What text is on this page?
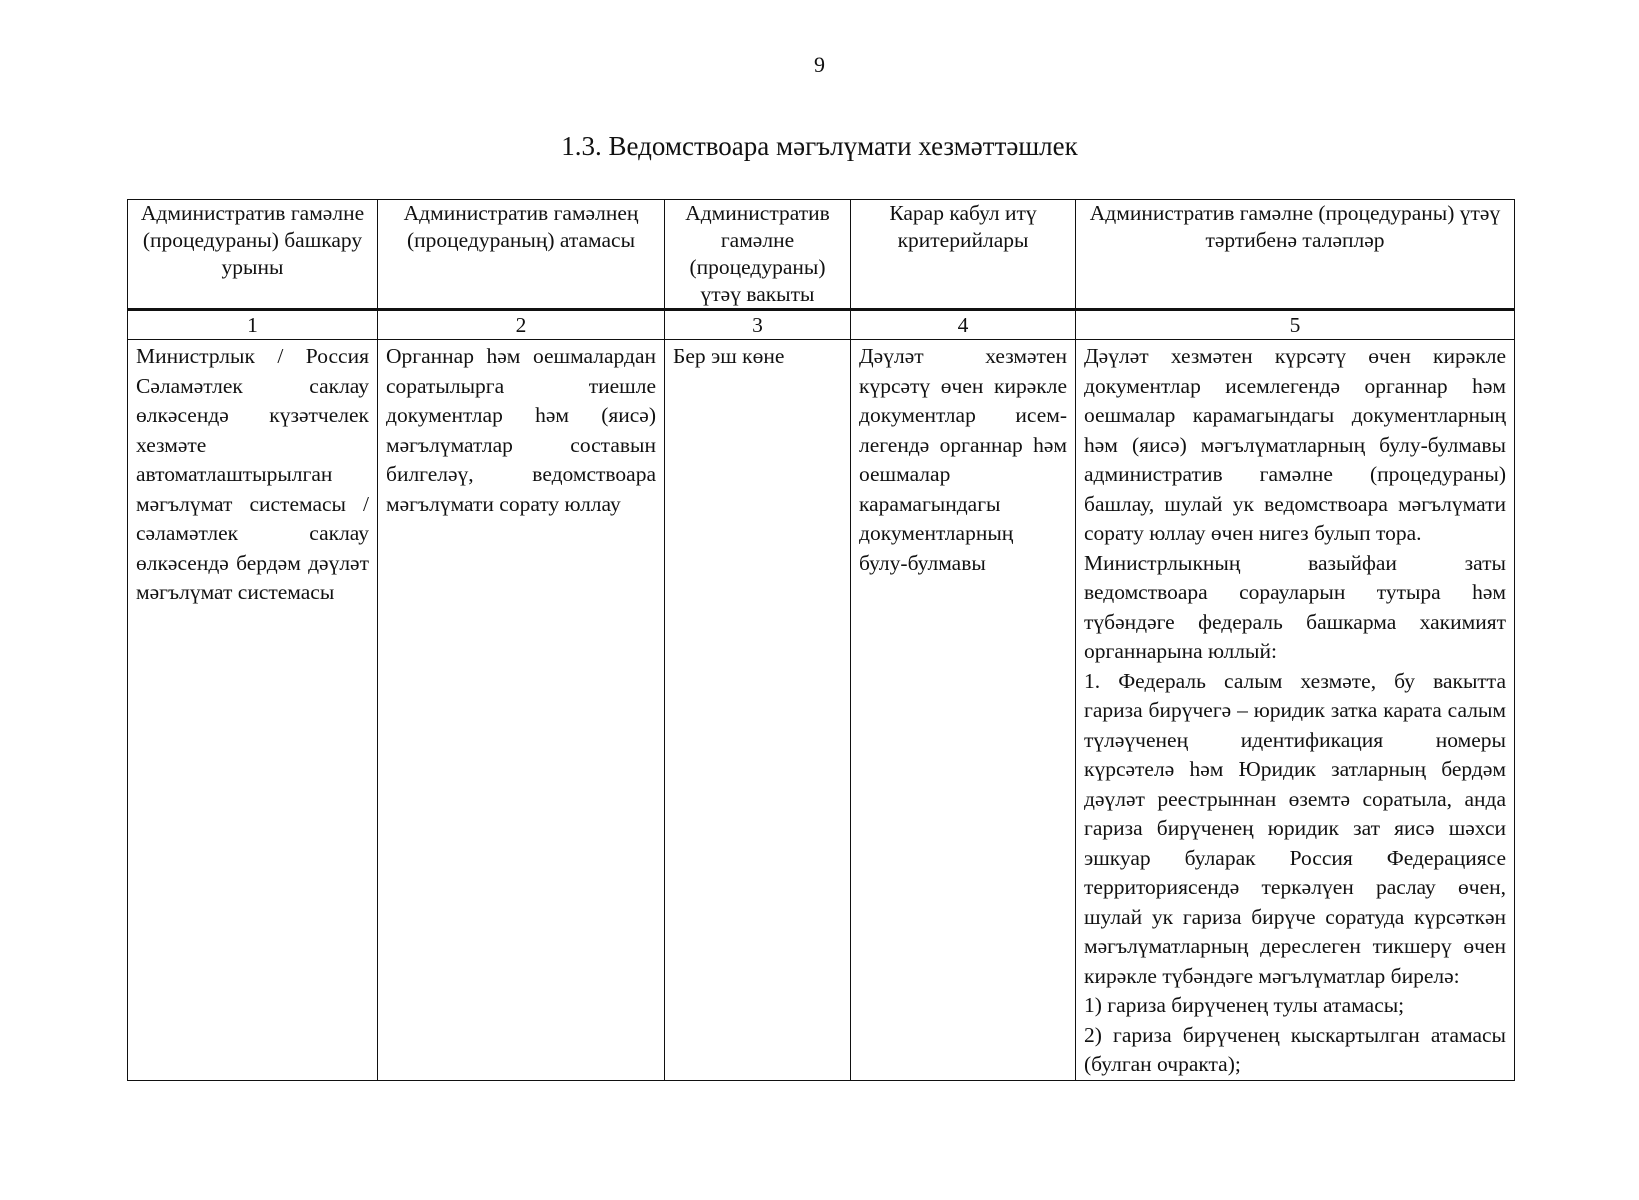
9
1.3. Ведомствоара мәгълүмати хезмәттәшлек
Административ гамәлне (процедураны) башкару урыны	Административ гамәлнең (процедураның) атамасы	Административ гамәлне (процедураны) үтәү вакыты	Карар кабул итү критерийлары	Административ гамәлне (процедураны) үтәү тәртибенә таләпләр
1	2	3	4	5
Министрлык / Россия Сәламәтлек саклау өлкәсендә күзәтчелек хезмәте автоматлаштырылган мәгълүмат системасы / сәламәтлек саклау өлкәсендә бердәм дәүләт мәгълүмат системасы	Органнар һәм оешмалардан соратылырга тиешле документлар һәм (яисә) мәгълүматлар составын билгеләү, ведомствоара мәгълүмати сорату юллау	Бер эш көне	Дәүләт хезмәтен күрсәтү өчен кирәкле документлар исем-легендә органнар һәм оешмалар карамагындагы документларның булу-булмавы	Дәүләт хезмәтен күрсәтү өчен кирәкле документлар исемлегендә органнар һәм оешмалар карамагындагы документларның һәм (яисә) мәгълүматларның булу-булмавы административ гамәлне (процедураны) башлау, шулай ук ведомствоара мәгълүмати сорату юллау өчен нигез булып тора.
Министрлыкның вазыйфаи заты ведомствоара сорауларын тутыра һәм түбәндәге федераль башкарма хакимият органнарына юллый:
1. Федераль салым хезмәте, бу вакытта гариза бирүчегә – юридик затка карата салым түләүченең идентификация номеры күрсәтелә һәм Юридик затларның бердәм дәүләт реестрыннан өземтә соратыла, анда гариза бирүченең юридик зат яисә шәхси эшкуар буларак Россия Федерациясе территориясендә теркәлүен раслау өчен, шулай ук гариза бирүче соратуда күрсәткән мәгълүматларның дереслеген тикшерү өчен кирәкле түбәндәге мәгълүматлар бирелә:
1) гариза бирүченең тулы атамасы;
2) гариза бирүченең кыскартылган атамасы (булган очракта);
